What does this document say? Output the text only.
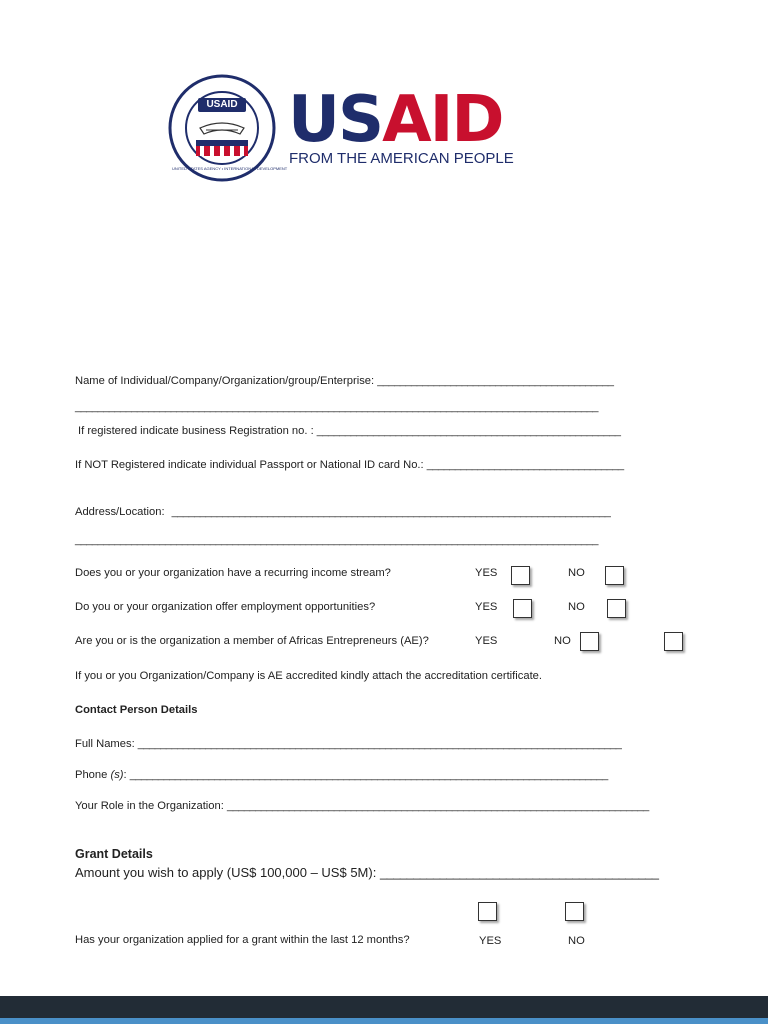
USAID
UNITED STATES AGENCY • INTERNATIONAL DEVELOPMENT
USAID
FROM THE AMERICAN PEOPLE
Name of Individual/Company/Organization/group/Enterprise: __________________________________________
_____________________________________________________________________________________________
If registered indicate business Registration no. : ______________________________________________________
If NOT Registered indicate individual Passport or National ID card No.: ___________________________________
Address/Location: ______________________________________________________________________________
_____________________________________________________________________________________________
Does you or your organization have a recurring income stream?	YES	NO
Do you or your organization offer employment opportunities?	YES	NO
Are you or is the organization a member of Africas Entrepreneurs (AE)?	YES	NO
If you or you Organization/Company is AE accredited kindly attach the accreditation certificate.
Contact Person Details
Full Names: ______________________________________________________________________________________
Phone (s): _____________________________________________________________________________________
Your Role in the Organization: ___________________________________________________________________________
Grant Details
Amount you wish to apply (US$ 100,000 – US$ 5M): __________________________________________
Has your organization applied for a grant within the last 12 months?	YES	NO
